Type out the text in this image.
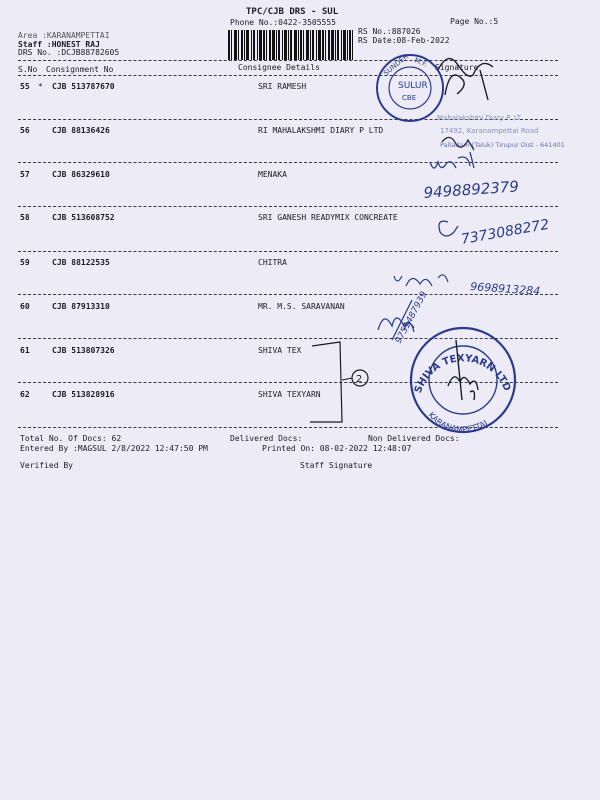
TPC/CJB DRS - SUL
Phone No.:0422-3505555	Page No.:5
Area :KARANAMPETTAI
Staff :HONEST RAJ
DRS No. :DCJB88782605
RS No.:887026
RS Date:08-Feb-2022
S.No Consignment No	Consignee Details	Signature
55 * CJB 513787670	SRI RAMESH
56	CJB 88136426	RI MAHALAKSHMI DIARY P LTD
57	CJB 86329610	MENAKA
58	CJB 513608752	SRI GANESH READYMIX CONCREATE
59	CJB 88122535	CHITRA
60	CJB 87913310	MR. M.S. SARAVANAN
61	CJB 513807326	SHIVA TEX
62	CJB 513828916	SHIVA TEXYARN
Total No. Of Docs: 62	Delivered Docs:	Non Delivered Docs:
Entered By :MAGSUL 2/8/2022 12:47:50 PM	Printed On: 08-02-2022 12:48:07
Verified By	Staff Signature
SUNDER M.F.
SULUR
CBE
Mahalakshmi Diary P. LT
17492, Karanampettai Road
Palladam (Taluk) Tirupur Dist - 641401
9498892379
7373088272
9698913284
9751487939
2
SHIVA TEXYARN LTD
KARANAMPETTAI
